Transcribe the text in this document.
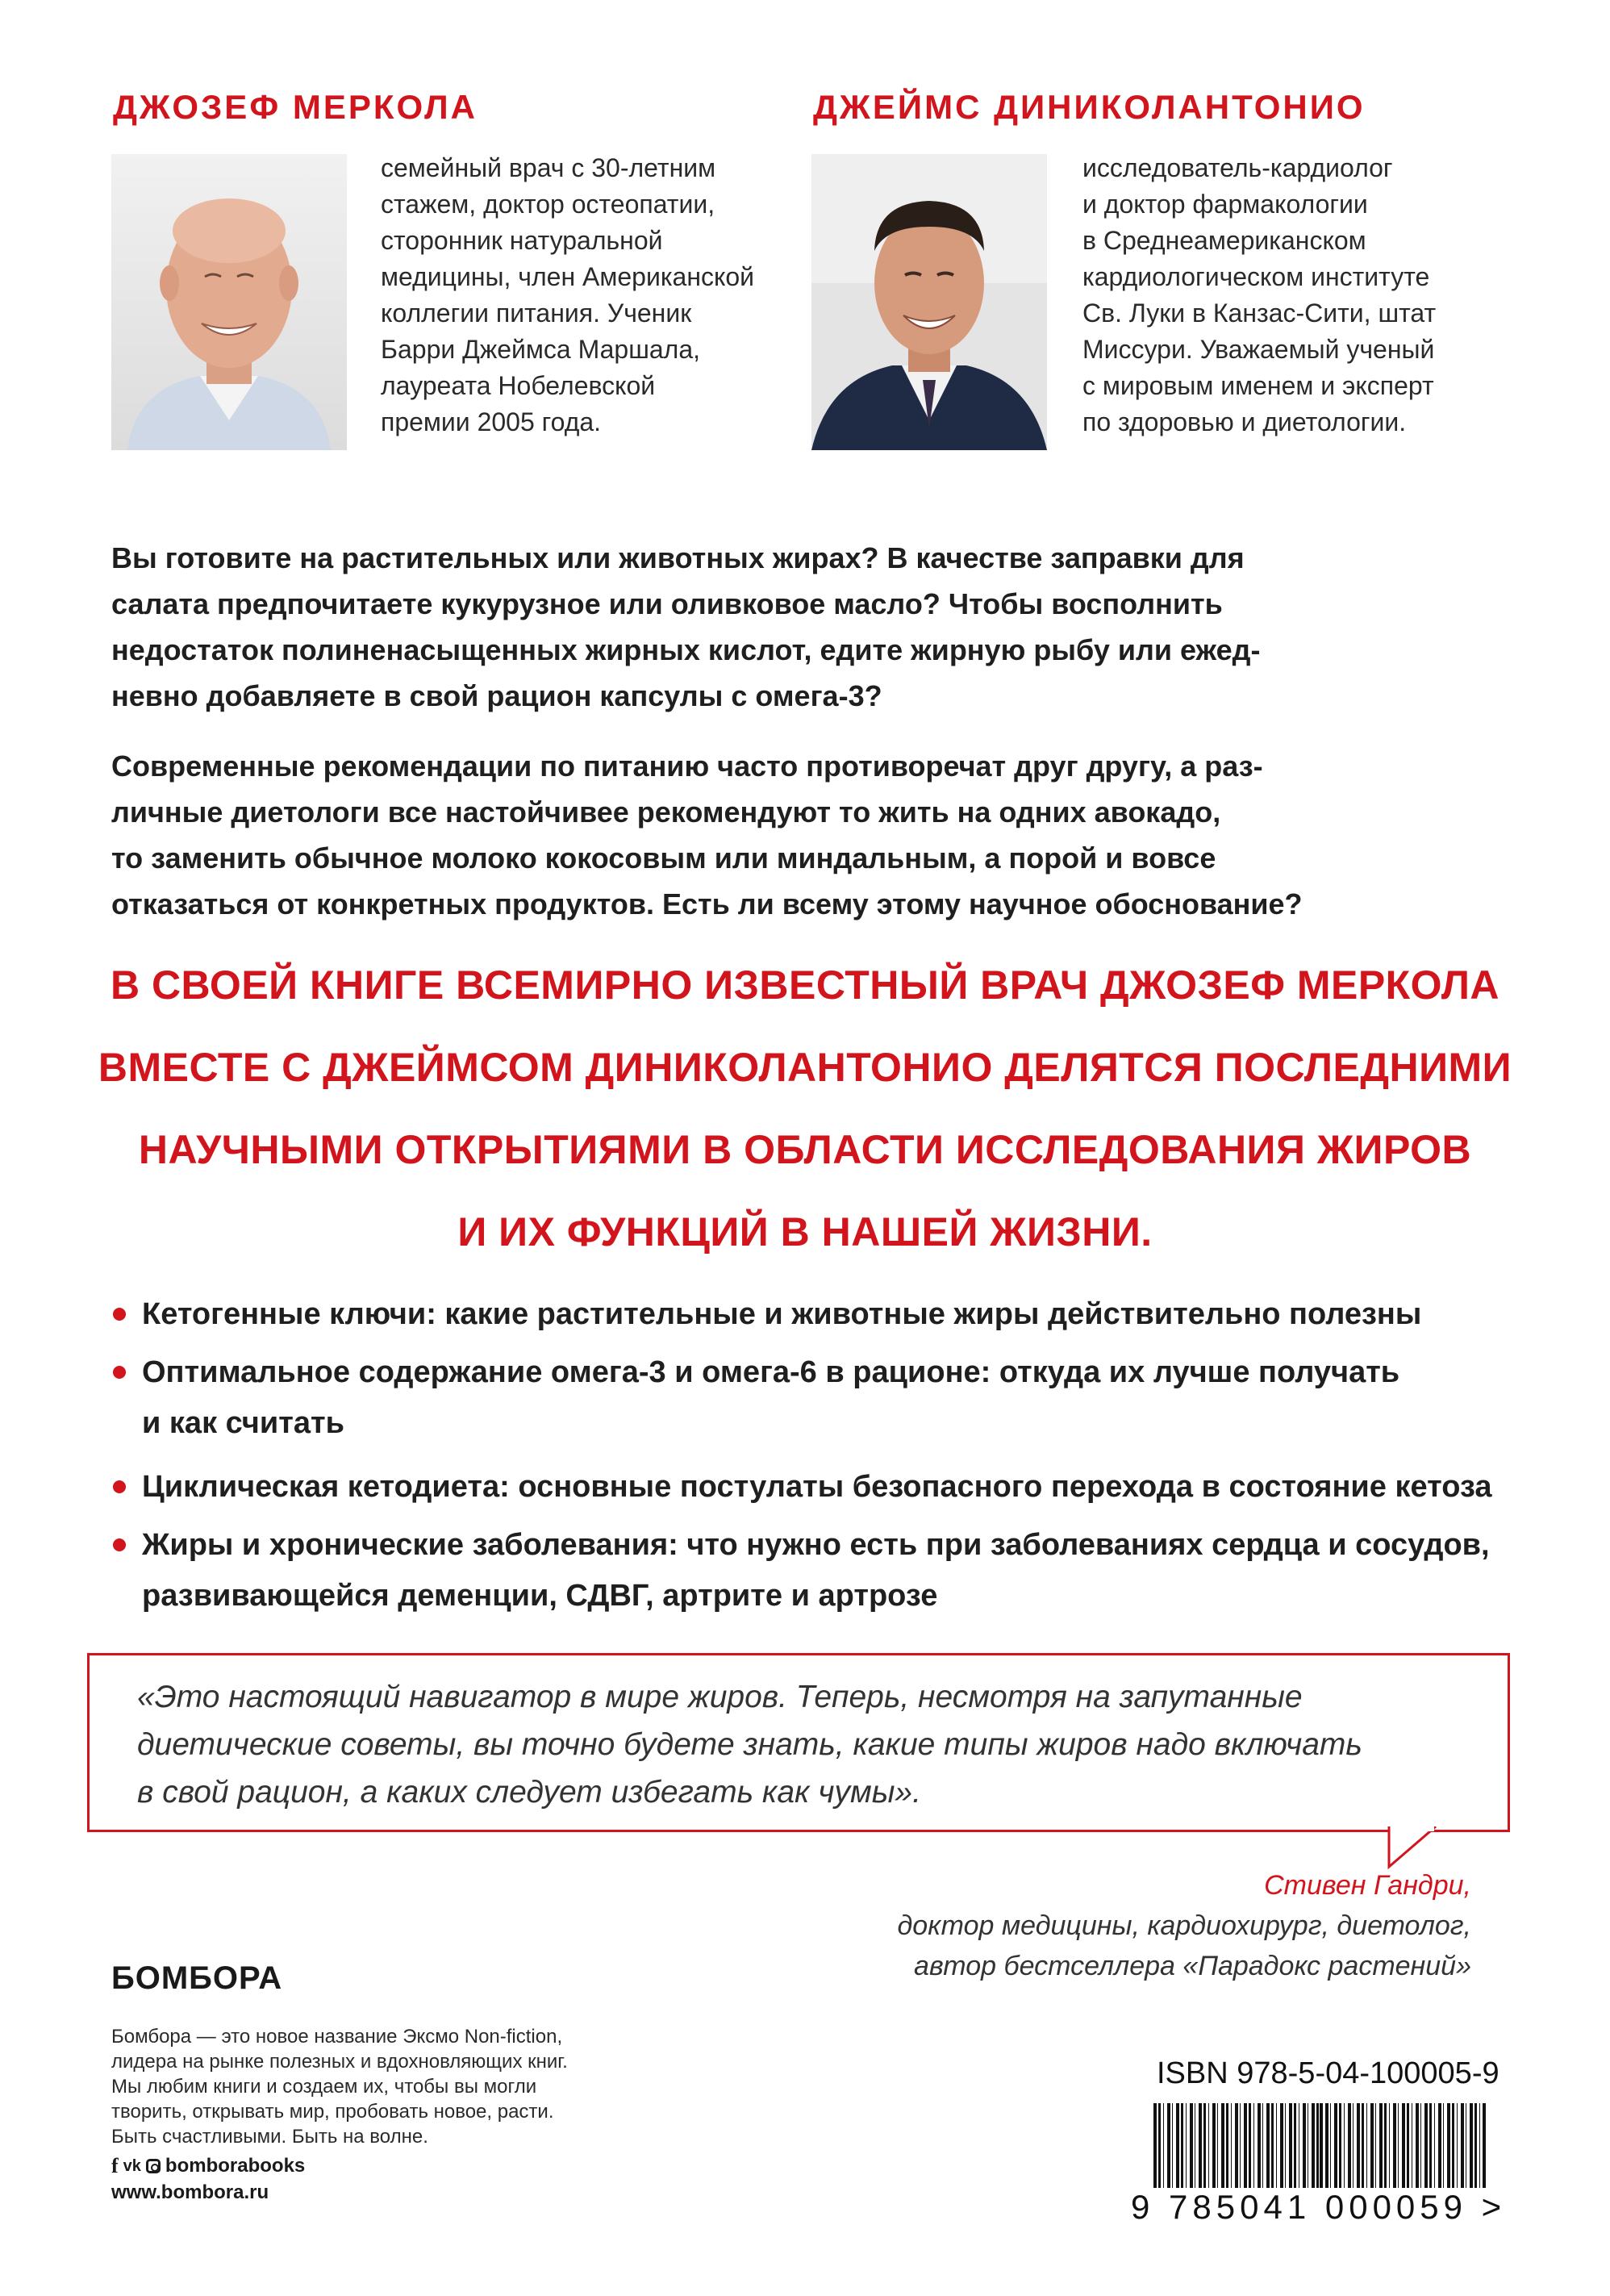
ДЖОЗЕФ МЕРКОЛА	ДЖЕЙМС ДИНИКОЛАНТОНИО
семейный врач с 30-летним
стажем, доктор остеопатии,
сторонник натуральной
медицины, член Американской
коллегии питания. Ученик
Барри Джеймса Маршала,
лауреата Нобелевской
премии 2005 года.
исследователь-кардиолог
и доктор фармакологии
в Среднеамериканском
кардиологическом институте
Св. Луки в Канзас-Сити, штат
Миссури. Уважаемый ученый
с мировым именем и эксперт
по здоровью и диетологии.
Вы готовите на растительных или животных жирах? В качестве заправки для
салата предпочитаете кукурузное или оливковое масло? Чтобы восполнить
недостаток полиненасыщенных жирных кислот, едите жирную рыбу или ежед-
невно добавляете в свой рацион капсулы с омега-3?
Современные рекомендации по питанию часто противоречат друг другу, а раз-
личные диетологи все настойчивее рекомендуют то жить на одних авокадо,
то заменить обычное молоко кокосовым или миндальным, а порой и вовсе
отказаться от конкретных продуктов. Есть ли всему этому научное обоснование?
В СВОЕЙ КНИГЕ ВСЕМИРНО ИЗВЕСТНЫЙ ВРАЧ ДЖОЗЕФ МЕРКОЛА
ВМЕСТЕ С ДЖЕЙМСОМ ДИНИКОЛАНТОНИО ДЕЛЯТСЯ ПОСЛЕДНИМИ
НАУЧНЫМИ ОТКРЫТИЯМИ В ОБЛАСТИ ИССЛЕДОВАНИЯ ЖИРОВ
И ИХ ФУНКЦИЙ В НАШЕЙ ЖИЗНИ.
Кетогенные ключи: какие растительные и животные жиры действительно полезны
Оптимальное содержание омега-3 и омега-6 в рационе: откуда их лучше получать
и как считать
Циклическая кетодиета: основные постулаты безопасного перехода в состояние кетоза
Жиры и хронические заболевания: что нужно есть при заболеваниях сердца и сосудов,
развивающейся деменции, СДВГ, артрите и артрозе
«Это настоящий навигатор в мире жиров. Теперь, несмотря на запутанные
диетические советы, вы точно будете знать, какие типы жиров надо включать
в свой рацион, а каких следует избегать как чумы».
Стивен Гандри,
доктор медицины, кардиохирург, диетолог,
автор бестселлера «Парадокс растений»
БОМБОРА
Бомбора — это новое название Эксмо Non-fiction,
лидера на рынке полезных и вдохновляющих книг.
Мы любим книги и создаем их, чтобы вы могли
творить, открывать мир, пробовать новое, расти.
Быть счастливыми. Быть на волне.
f vk bomborabooks
www.bombora.ru
ISBN 978-5-04-100005-9
9 785041 000059 >
